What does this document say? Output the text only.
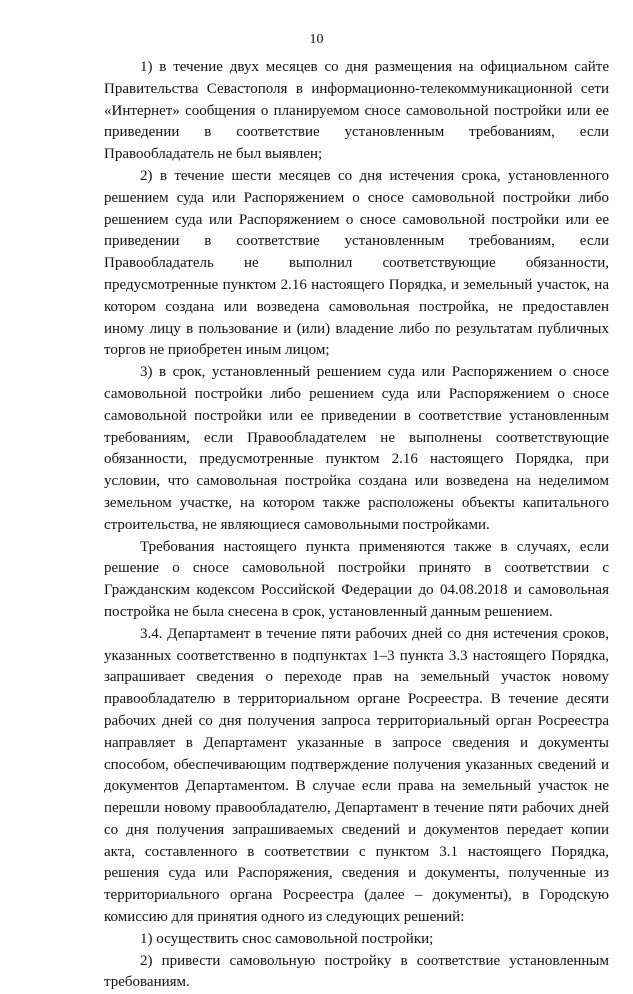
10

1) в течение двух месяцев со дня размещения на официальном сайте Правительства Севастополя в информационно-телекоммуникационной сети «Интернет» сообщения о планируемом сносе самовольной постройки или ее приведении в соответствие установленным требованиям, если Правообладатель не был выявлен;

2) в течение шести месяцев со дня истечения срока, установленного решением суда или Распоряжением о сносе самовольной постройки либо решением суда или Распоряжением о сносе самовольной постройки или ее приведении в соответствие установленным требованиям, если Правообладатель не выполнил соответствующие обязанности, предусмотренные пунктом 2.16 настоящего Порядка, и земельный участок, на котором создана или возведена самовольная постройка, не предоставлен иному лицу в пользование и (или) владение либо по результатам публичных торгов не приобретен иным лицом;

3) в срок, установленный решением суда или Распоряжением о сносе самовольной постройки либо решением суда или Распоряжением о сносе самовольной постройки или ее приведении в соответствие установленным требованиям, если Правообладателем не выполнены соответствующие обязанности, предусмотренные пунктом 2.16 настоящего Порядка, при условии, что самовольная постройка создана или возведена на неделимом земельном участке, на котором также расположены объекты капитального строительства, не являющиеся самовольными постройками.

Требования настоящего пункта применяются также в случаях, если решение о сносе самовольной постройки принято в соответствии с Гражданским кодексом Российской Федерации до 04.08.2018 и самовольная постройка не была снесена в срок, установленный данным решением.

3.4. Департамент в течение пяти рабочих дней со дня истечения сроков, указанных соответственно в подпунктах 1–3 пункта 3.3 настоящего Порядка, запрашивает сведения о переходе прав на земельный участок новому правообладателю в территориальном органе Росреестра. В течение десяти рабочих дней со дня получения запроса территориальный орган Росреестра направляет в Департамент указанные в запросе сведения и документы способом, обеспечивающим подтверждение получения указанных сведений и документов Департаментом. В случае если права на земельный участок не перешли новому правообладателю, Департамент в течение пяти рабочих дней со дня получения запрашиваемых сведений и документов передает копии акта, составленного в соответствии с пунктом 3.1 настоящего Порядка, решения суда или Распоряжения, сведения и документы, полученные из территориального органа Росреестра (далее – документы), в Городскую комиссию для принятия одного из следующих решений:

1) осуществить снос самовольной постройки;

2) привести самовольную постройку в соответствие установленным требованиям.
